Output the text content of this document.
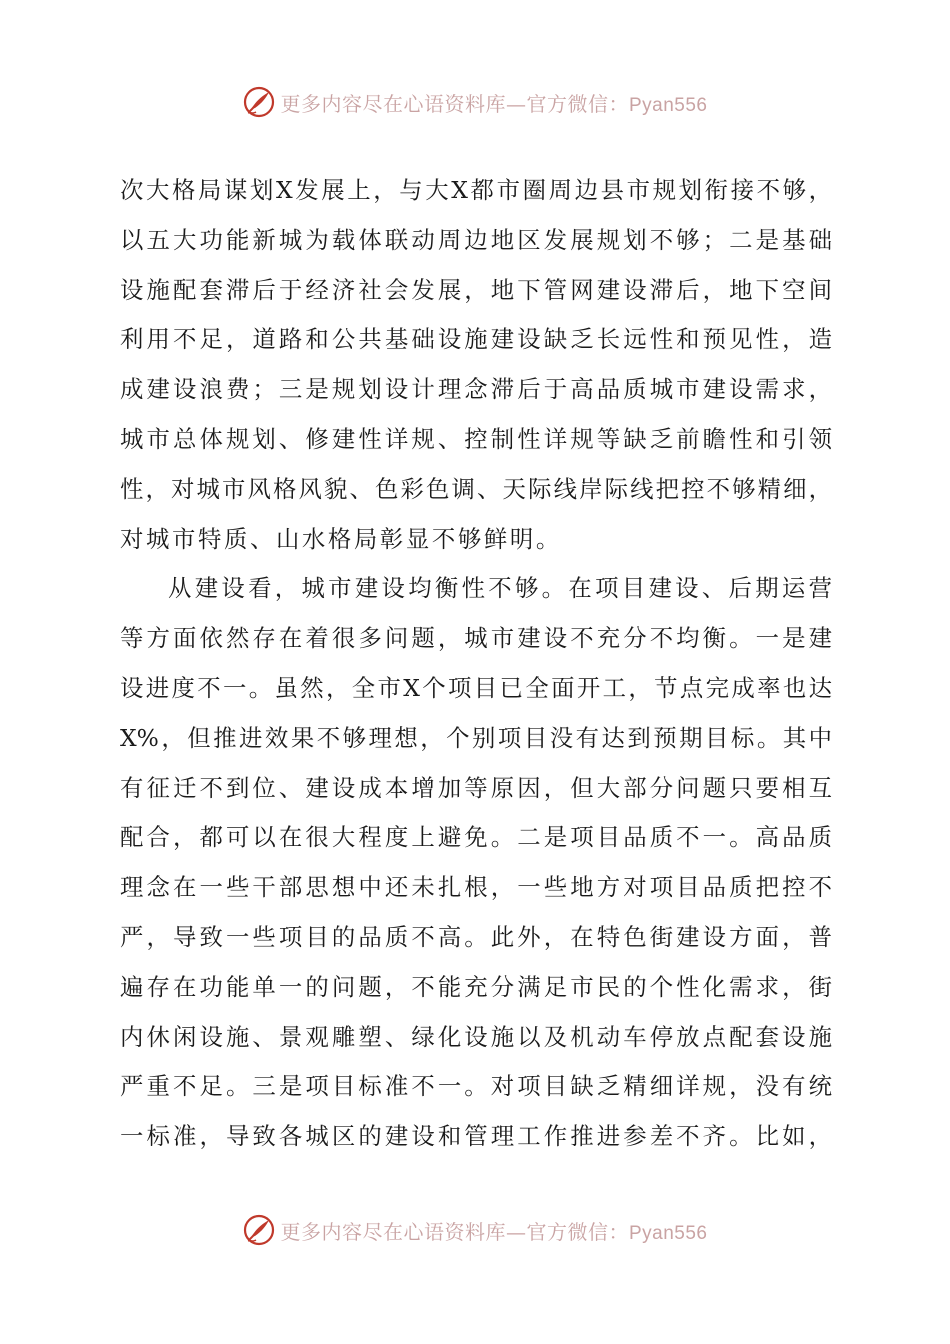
更多内容尽在心语资料库—官方微信：Pyan556
次大格局谋划X发展上，与大X都市圈周边县市规划衔接不够，
以五大功能新城为载体联动周边地区发展规划不够；二是基础
设施配套滞后于经济社会发展，地下管网建设滞后，地下空间
利用不足，道路和公共基础设施建设缺乏长远性和预见性，造
成建设浪费；三是规划设计理念滞后于高品质城市建设需求，
城市总体规划、修建性详规、控制性详规等缺乏前瞻性和引领
性，对城市风格风貌、色彩色调、天际线岸际线把控不够精细，
对城市特质、山水格局彰显不够鲜明。
从建设看，城市建设均衡性不够。在项目建设、后期运营
等方面依然存在着很多问题，城市建设不充分不均衡。一是建
设进度不一。虽然，全市X个项目已全面开工，节点完成率也达
X%，但推进效果不够理想，个别项目没有达到预期目标。其中
有征迁不到位、建设成本增加等原因，但大部分问题只要相互
配合，都可以在很大程度上避免。二是项目品质不一。高品质
理念在一些干部思想中还未扎根，一些地方对项目品质把控不
严，导致一些项目的品质不高。此外，在特色街建设方面，普
遍存在功能单一的问题，不能充分满足市民的个性化需求，街
内休闲设施、景观雕塑、绿化设施以及机动车停放点配套设施
严重不足。三是项目标准不一。对项目缺乏精细详规，没有统
一标准，导致各城区的建设和管理工作推进参差不齐。比如，
更多内容尽在心语资料库—官方微信：Pyan556
